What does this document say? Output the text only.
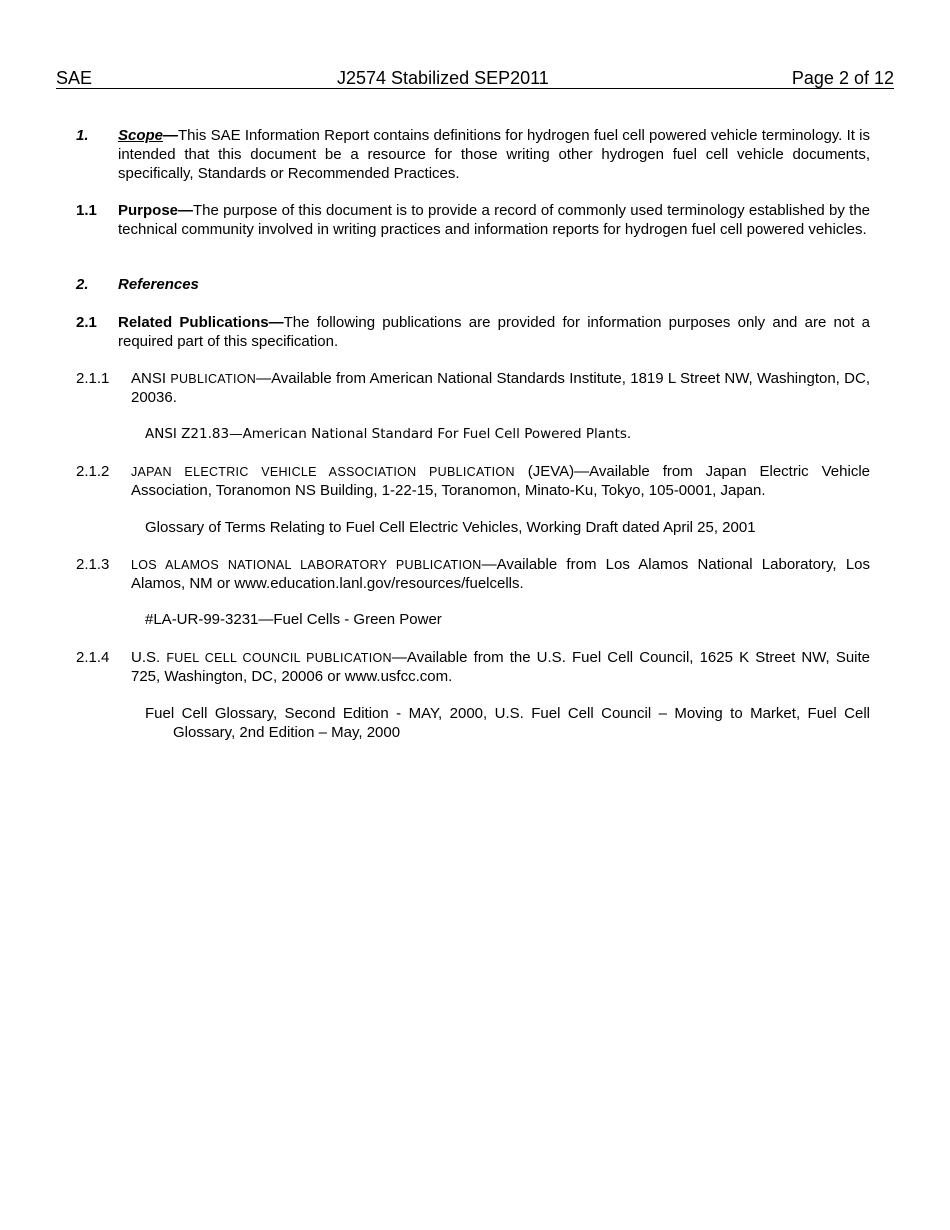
SAE	J2574 Stabilized SEP2011	Page 2 of 12
1. Scope—This SAE Information Report contains definitions for hydrogen fuel cell powered vehicle terminology. It is intended that this document be a resource for those writing other hydrogen fuel cell vehicle documents, specifically, Standards or Recommended Practices.
1.1 Purpose—The purpose of this document is to provide a record of commonly used terminology established by the technical community involved in writing practices and information reports for hydrogen fuel cell powered vehicles.
2. References
2.1 Related Publications—The following publications are provided for information purposes only and are not a required part of this specification.
2.1.1 ANSI PUBLICATION—Available from American National Standards Institute, 1819 L Street NW, Washington, DC, 20036.
ANSI Z21.83—American National Standard For Fuel Cell Powered Plants.
2.1.2 JAPAN ELECTRIC VEHICLE ASSOCIATION PUBLICATION (JEVA)—Available from Japan Electric Vehicle
Association, Toranomon NS Building, 1-22-15, Toranomon, Minato-Ku, Tokyo, 105-0001, Japan.
Glossary of Terms Relating to Fuel Cell Electric Vehicles, Working Draft dated April 25, 2001
2.1.3 LOS ALAMOS NATIONAL LABORATORY PUBLICATION—Available from Los Alamos National Laboratory, Los
Alamos, NM or www.education.lanl.gov/resources/fuelcells.
#LA-UR-99-3231—Fuel Cells - Green Power
2.1.4 U.S. FUEL CELL COUNCIL PUBLICATION—Available from the U.S. Fuel Cell Council, 1625 K Street NW, Suite 725, Washington, DC, 20006 or www.usfcc.com.
Fuel Cell Glossary, Second Edition - MAY, 2000, U.S. Fuel Cell Council – Moving to Market, Fuel Cell Glossary, 2nd Edition – May, 2000
